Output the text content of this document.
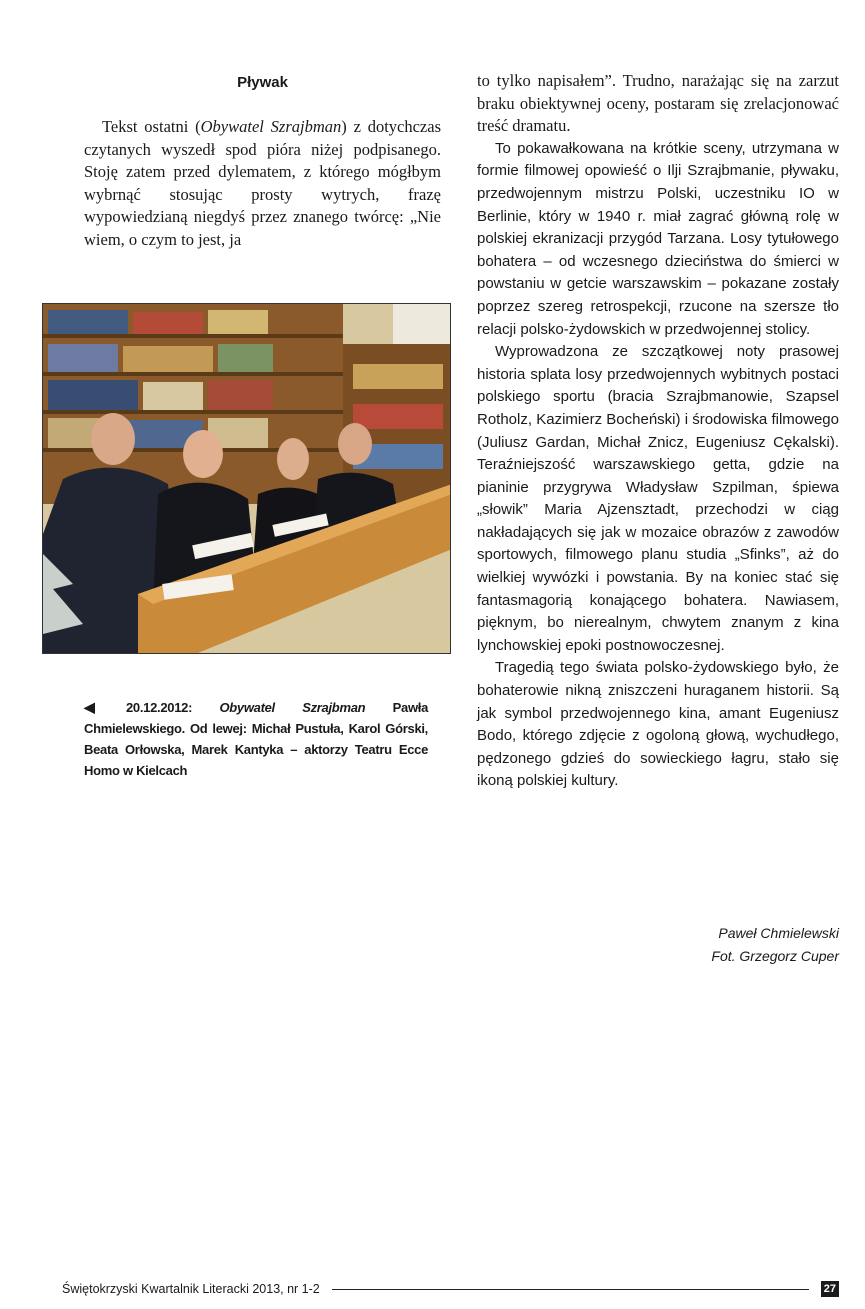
Pływak

Tekst ostatni (Obywatel Szrajbman) z dotychczas czytanych wyszedł spod pióra niżej podpisanego. Stoję zatem przed dylematem, z którego mógłbym wybrnąć stosując prosty wytrych, frazę wypowiedzianą niegdyś przez znanego twórcę: „Nie wiem, o czym to jest, ja

◀ 20.12.2012: Obywatel Szrajbman Pawła Chmielewskiego. Od lewej: Michał Pustuła, Karol Górski, Beata Orłowska, Marek Kantyka – aktorzy Teatru Ecce Homo w Kielcach

to tylko napisałem”. Trudno, narażając się na zarzut braku obiektywnej oceny, postaram się zrelacjonować treść dramatu.

To pokawałkowana na krótkie sceny, utrzymana w formie filmowej opowieść o Ilji Szrajbmanie, pływaku, przedwojennym mistrzu Polski, uczestniku IO w Berlinie, który w 1940 r. miał zagrać główną rolę w polskiej ekranizacji przygód Tarzana. Losy tytułowego bohatera – od wczesnego dzieciństwa do śmierci w powstaniu w getcie warszawskim – pokazane zostały poprzez szereg retrospekcji, rzucone na szersze tło relacji polsko-żydowskich w przedwojennej stolicy.

Wyprowadzona ze szczątkowej noty prasowej historia splata losy przedwojennych wybitnych postaci polskiego sportu (bracia Szrajbmanowie, Szapsel Rotholz, Kazimierz Bocheński) i środowiska filmowego (Juliusz Gardan, Michał Znicz, Eugeniusz Cękalski). Teraźniejszość warszawskiego getta, gdzie na pianinie przygrywa Władysław Szpilman, śpiewa „słowik” Maria Ajzensztadt, przechodzi w ciąg nakładających się jak w mozaice obrazów z zawodów sportowych, filmowego planu studia „Sfinks”, aż do wielkiej wywózki i powstania. By na koniec stać się fantasmagorią konającego bohatera. Nawiasem, pięknym, bo nierealnym, chwytem znanym z kina lynchowskiej epoki postnowoczesnej.

Tragedią tego świata polsko-żydowskiego było, że bohaterowie nikną zniszczeni huraganem historii. Są jak symbol przedwojennego kina, amant Eugeniusz Bodo, którego zdjęcie z ogoloną głową, wychudłego, pędzonego gdzieś do sowieckiego łagru, stało się ikoną polskiej kultury.

Paweł Chmielewski
Fot. Grzegorz Cuper
Świętokrzyski Kwartalnik Literacki 2013, nr 1-2	27
